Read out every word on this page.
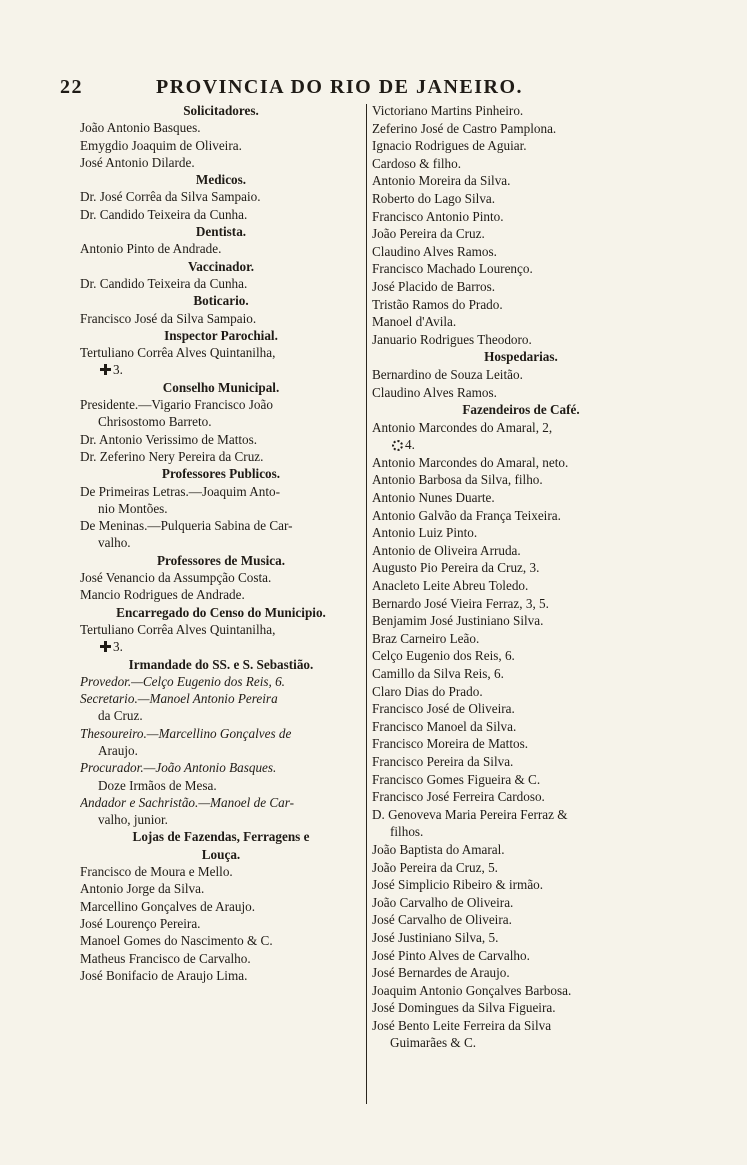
22	PROVINCIA DO RIO DE JANEIRO.
Solicitadores.
João Antonio Basques.
Emygdio Joaquim de Oliveira.
José Antonio Dilarde.
Medicos.
Dr. José Corrêa da Silva Sampaio.
Dr. Candido Teixeira da Cunha.
Dentista.
Antonio Pinto de Andrade.
Vaccinador.
Dr. Candido Teixeira da Cunha.
Boticario.
Francisco José da Silva Sampaio.
Inspector Parochial.
Tertuliano Corrêa Alves Quintanilha,
3.
Conselho Municipal.
Presidente.—Vigario Francisco João
Chrisostomo Barreto.
Dr. Antonio Verissimo de Mattos.
Dr. Zeferino Nery Pereira da Cruz.
Professores Publicos.
De Primeiras Letras.—Joaquim Anto-
nio Montões.
De Meninas.—Pulqueria Sabina de Car-
valho.
Professores de Musica.
José Venancio da Assumpção Costa.
Mancio Rodrigues de Andrade.
Encarregado do Censo do Municipio.
Tertuliano Corrêa Alves Quintanilha,
3.
Irmandade do SS. e S. Sebastião.
Provedor.—Celço Eugenio dos Reis, 6.
Secretario.—Manoel Antonio Pereira
da Cruz.
Thesoureiro.—Marcellino Gonçalves de
Araujo.
Procurador.—João Antonio Basques.
Doze Irmãos de Mesa.
Andador e Sachristão.—Manoel de Car-
valho, junior.
Lojas de Fazendas, Ferragens e
Louça.
Francisco de Moura e Mello.
Antonio Jorge da Silva.
Marcellino Gonçalves de Araujo.
José Lourenço Pereira.
Manoel Gomes do Nascimento & C.
Matheus Francisco de Carvalho.
José Bonifacio de Araujo Lima.
Victoriano Martins Pinheiro.
Zeferino José de Castro Pamplona.
Ignacio Rodrigues de Aguiar.
Cardoso & filho.
Antonio Moreira da Silva.
Roberto do Lago Silva.
Francisco Antonio Pinto.
João Pereira da Cruz.
Claudino Alves Ramos.
Francisco Machado Lourenço.
José Placido de Barros.
Tristão Ramos do Prado.
Manoel d'Avila.
Januario Rodrigues Theodoro.
Hospedarias.
Bernardino de Souza Leitão.
Claudino Alves Ramos.
Fazendeiros de Café.
Antonio Marcondes do Amaral, 2,
4.
Antonio Marcondes do Amaral, neto.
Antonio Barbosa da Silva, filho.
Antonio Nunes Duarte.
Antonio Galvão da França Teixeira.
Antonio Luiz Pinto.
Antonio de Oliveira Arruda.
Augusto Pio Pereira da Cruz, 3.
Anacleto Leite Abreu Toledo.
Bernardo José Vieira Ferraz, 3, 5.
Benjamim José Justiniano Silva.
Braz Carneiro Leão.
Celço Eugenio dos Reis, 6.
Camillo da Silva Reis, 6.
Claro Dias do Prado.
Francisco José de Oliveira.
Francisco Manoel da Silva.
Francisco Moreira de Mattos.
Francisco Pereira da Silva.
Francisco Gomes Figueira & C.
Francisco José Ferreira Cardoso.
D. Genoveva Maria Pereira Ferraz &
filhos.
João Baptista do Amaral.
João Pereira da Cruz, 5.
José Simplicio Ribeiro & irmão.
João Carvalho de Oliveira.
José Carvalho de Oliveira.
José Justiniano Silva, 5.
José Pinto Alves de Carvalho.
José Bernardes de Araujo.
Joaquim Antonio Gonçalves Barbosa.
José Domingues da Silva Figueira.
José Bento Leite Ferreira da Silva
Guimarães & C.
